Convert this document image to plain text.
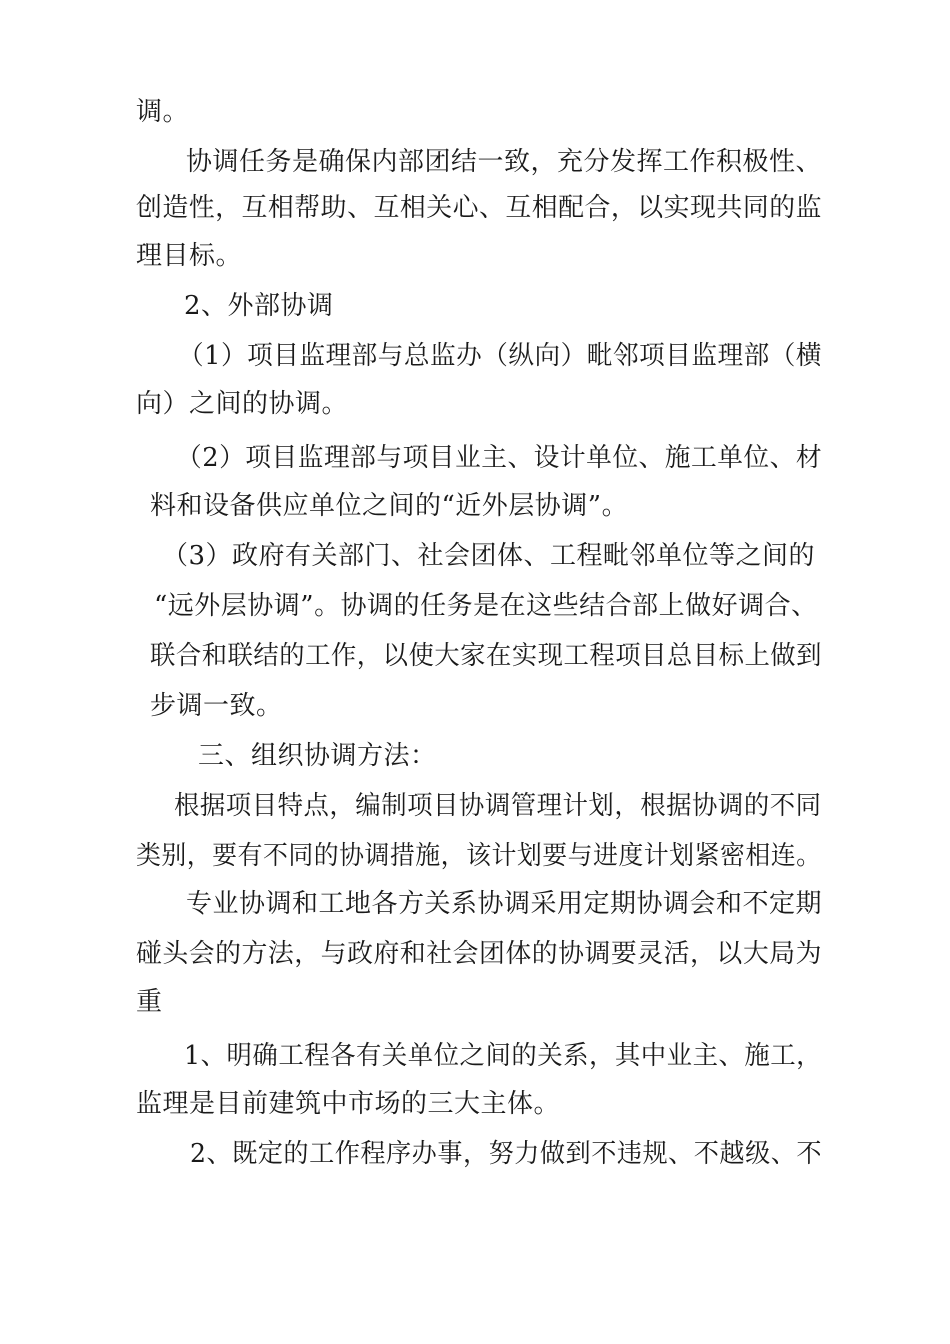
调。
协调任务是确保内部团结一致，充分发挥工作积极性、
创造性，互相帮助、互相关心、互相配合，以实现共同的监
理目标。
2、外部协调
（1）项目监理部与总监办（纵向）毗邻项目监理部（横
向）之间的协调。
（2）项目监理部与项目业主、设计单位、施工单位、材
料和设备供应单位之间的“近外层协调”。
（3）政府有关部门、社会团体、工程毗邻单位等之间的
“远外层协调”。协调的任务是在这些结合部上做好调合、
联合和联结的工作，以使大家在实现工程项目总目标上做到
步调一致。
三、组织协调方法：
根据项目特点，编制项目协调管理计划，根据协调的不同
类别，要有不同的协调措施，该计划要与进度计划紧密相连。
专业协调和工地各方关系协调采用定期协调会和不定期
碰头会的方法，与政府和社会团体的协调要灵活，以大局为
重
1、明确工程各有关单位之间的关系，其中业主、施工，
监理是目前建筑中市场的三大主体。
2、既定的工作程序办事，努力做到不违规、不越级、不
